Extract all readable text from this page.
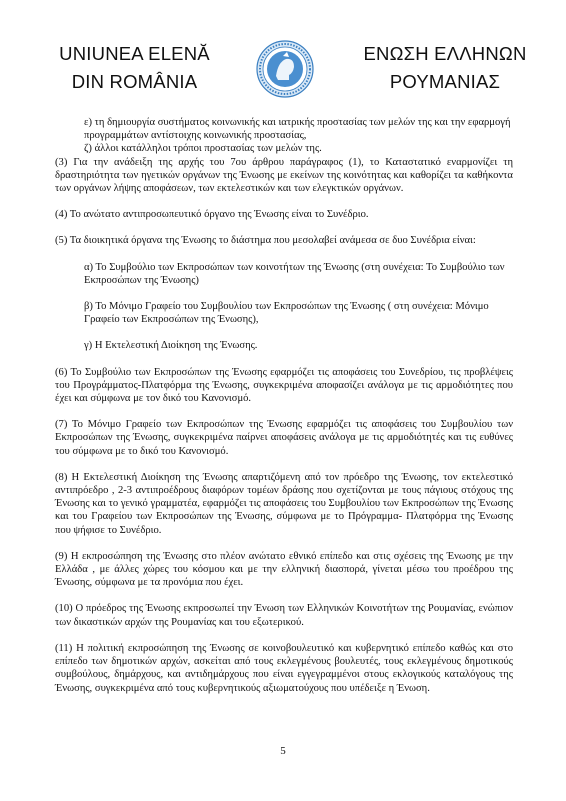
UNIUNEA ELENĂ
DIN ROMÂNIA
ΕΝΩΣΗ ΕΛΛΗΝΩΝ
ΡΟΥΜΑΝΙΑΣ

ε) τη δημιουργία συστήματος κοινωνικής και ιατρικής προστασίας των μελών της και την εφαρμογή προγραμμάτων αντίστοιχης κοινωνικής προστασίας,

ζ) άλλοι κατάλληλοι τρόποι προστασίας των μελών της.

(3) Για την ανάδειξη της αρχής του 7ου άρθρου παράγραφος (1), το Καταστατικό εναρμονίζει τη δραστηριότητα των ηγετικών οργάνων της Ένωσης με εκείνων της κοινότητας και καθορίζει τα καθήκοντα των οργάνων λήψης αποφάσεων, των εκτελεστικών και των ελεγκτικών οργάνων.

(4) Το ανώτατο αντιπροσωπευτικό όργανο της Ένωσης είναι το Συνέδριο.

(5) Τα διοικητικά όργανα της Ένωσης το διάστημα που μεσολαβεί ανάμεσα σε δυο Συνέδρια είναι:

α) Το Συμβούλιο των Εκπροσώπων των κοινοτήτων της Ένωσης (στη συνέχεια: Το Συμβούλιο των Εκπροσώπων της Ένωσης)

β) Το Μόνιμο Γραφείο του Συμβουλίου των Εκπροσώπων της Ένωσης ( στη συνέχεια: Μόνιμο Γραφείο των Εκπροσώπων της Ένωσης),

γ) Η Εκτελεστική Διοίκηση της Ένωσης.

(6) Το Συμβούλιο των Εκπροσώπων της Ένωσης εφαρμόζει τις αποφάσεις του Συνεδρίου, τις προβλέψεις του Προγράμματος-Πλατφόρμα της Ένωσης, συγκεκριμένα αποφασίζει ανάλογα με τις αρμοδιότητες που έχει και σύμφωνα με τον δικό του Κανονισμό.

(7) Το Μόνιμο Γραφείο των Εκπροσώπων της Ένωσης εφαρμόζει τις αποφάσεις του Συμβουλίου των Εκπροσώπων της Ένωσης, συγκεκριμένα παίρνει αποφάσεις ανάλογα με τις αρμοδιότητές και τις ευθύνες του σύμφωνα με το δικό του Κανονισμό.

(8) Η Εκτελεστική Διοίκηση της Ένωσης απαρτιζόμενη από τον πρόεδρο της Ένωσης, τον εκτελεστικό αντιπρόεδρο , 2-3 αντιπροέδρους διαφόρων τομέων δράσης που σχετίζονται με τους πάγιους στόχους της Ένωσης και το γενικό γραμματέα, εφαρμόζει τις αποφάσεις του Συμβουλίου των Εκπροσώπων της Ένωσης και του Γραφείου των Εκπροσώπων της Ένωσης, σύμφωνα με το Πρόγραμμα- Πλατφόρμα της Ένωσης που ψήφισε το Συνέδριο.

(9) Η εκπροσώπηση της Ένωσης στο πλέον ανώτατο εθνικό επίπεδο και στις σχέσεις της Ένωσης με την Ελλάδα , με άλλες χώρες του κόσμου και με την ελληνική διασπορά, γίνεται μέσω του προέδρου της Ένωσης, σύμφωνα με τα προνόμια που έχει.

(10) Ο πρόεδρος της Ένωσης εκπροσωπεί την Ένωση των Ελληνικών Κοινοτήτων της Ρουμανίας, ενώπιον των δικαστικών αρχών της Ρουμανίας και του εξωτερικού.

(11) Η πολιτική εκπροσώπηση της Ένωσης σε κοινοβουλευτικό και κυβερνητικό επίπεδο καθώς και στο επίπεδο των δημοτικών αρχών, ασκείται από τους εκλεγμένους βουλευτές, τους εκλεγμένους δημοτικούς συμβούλους, δημάρχους, και αντιδημάρχους που είναι εγγεγραμμένοι στους εκλογικούς καταλόγους της Ένωσης, συγκεκριμένα από τους κυβερνητικούς αξιωματούχους που υπέδειξε η Ένωση.

5
